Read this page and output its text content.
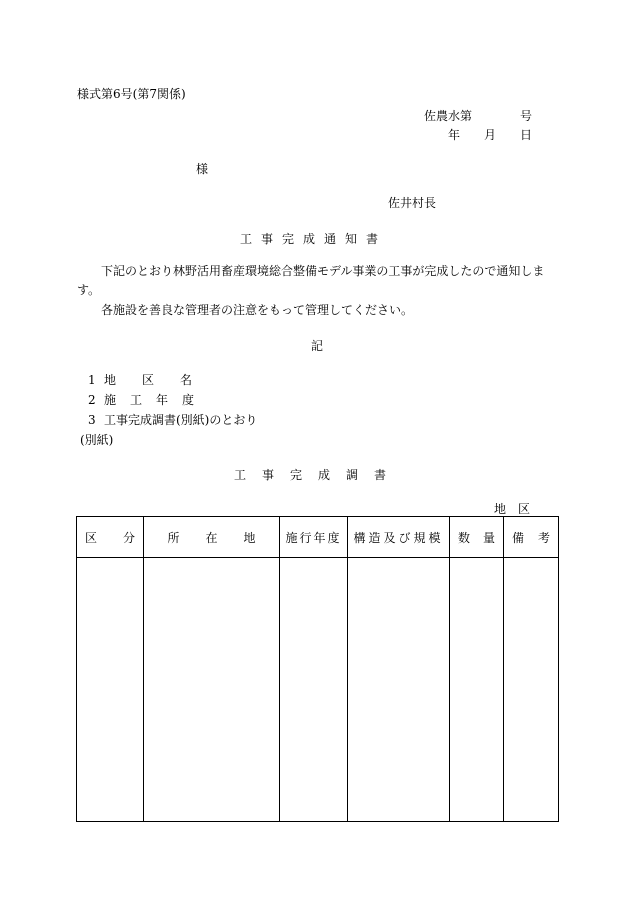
様式第6号(第7関係)
佐農水第	号
年 月 日
様
佐井村長
工事完成通知書
下記のとおり林野活用畜産環境総合整備モデル事業の工事が完成したので通知します。
各施設を善良な管理者の注意をもって管理してください。
記
1 地区名
2 施工年度
3 工事完成調書(別紙)のとおり
(別紙)
工事完成調書
地区
区 分	所 在 地	施行年度	構造及び規模	数 量	備 考
